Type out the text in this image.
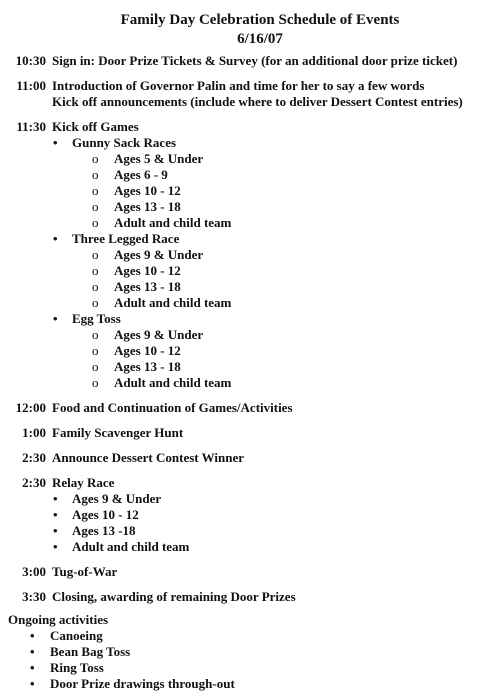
Family Day Celebration Schedule of Events
6/16/07
10:30 Sign in: Door Prize Tickets & Survey (for an additional door prize ticket)
11:00 Introduction of Governor Palin and time for her to say a few words
Kick off announcements (include where to deliver Dessert Contest entries)
11:30 Kick off Games
• Gunny Sack Races
o Ages 5 & Under
o Ages 6 - 9
o Ages 10 - 12
o Ages 13 - 18
o Adult and child team
• Three Legged Race
o Ages 9 & Under
o Ages 10 - 12
o Ages 13 - 18
o Adult and child team
• Egg Toss
o Ages 9 & Under
o Ages 10 - 12
o Ages 13 - 18
o Adult and child team
12:00 Food and Continuation of Games/Activities
1:00 Family Scavenger Hunt
2:30 Announce Dessert Contest Winner
2:30 Relay Race
• Ages 9 & Under
• Ages 10 - 12
• Ages 13 -18
• Adult and child team
3:00 Tug-of-War
3:30 Closing, awarding of remaining Door Prizes
Ongoing activities
• Canoeing
• Bean Bag Toss
• Ring Toss
• Door Prize drawings through-out
